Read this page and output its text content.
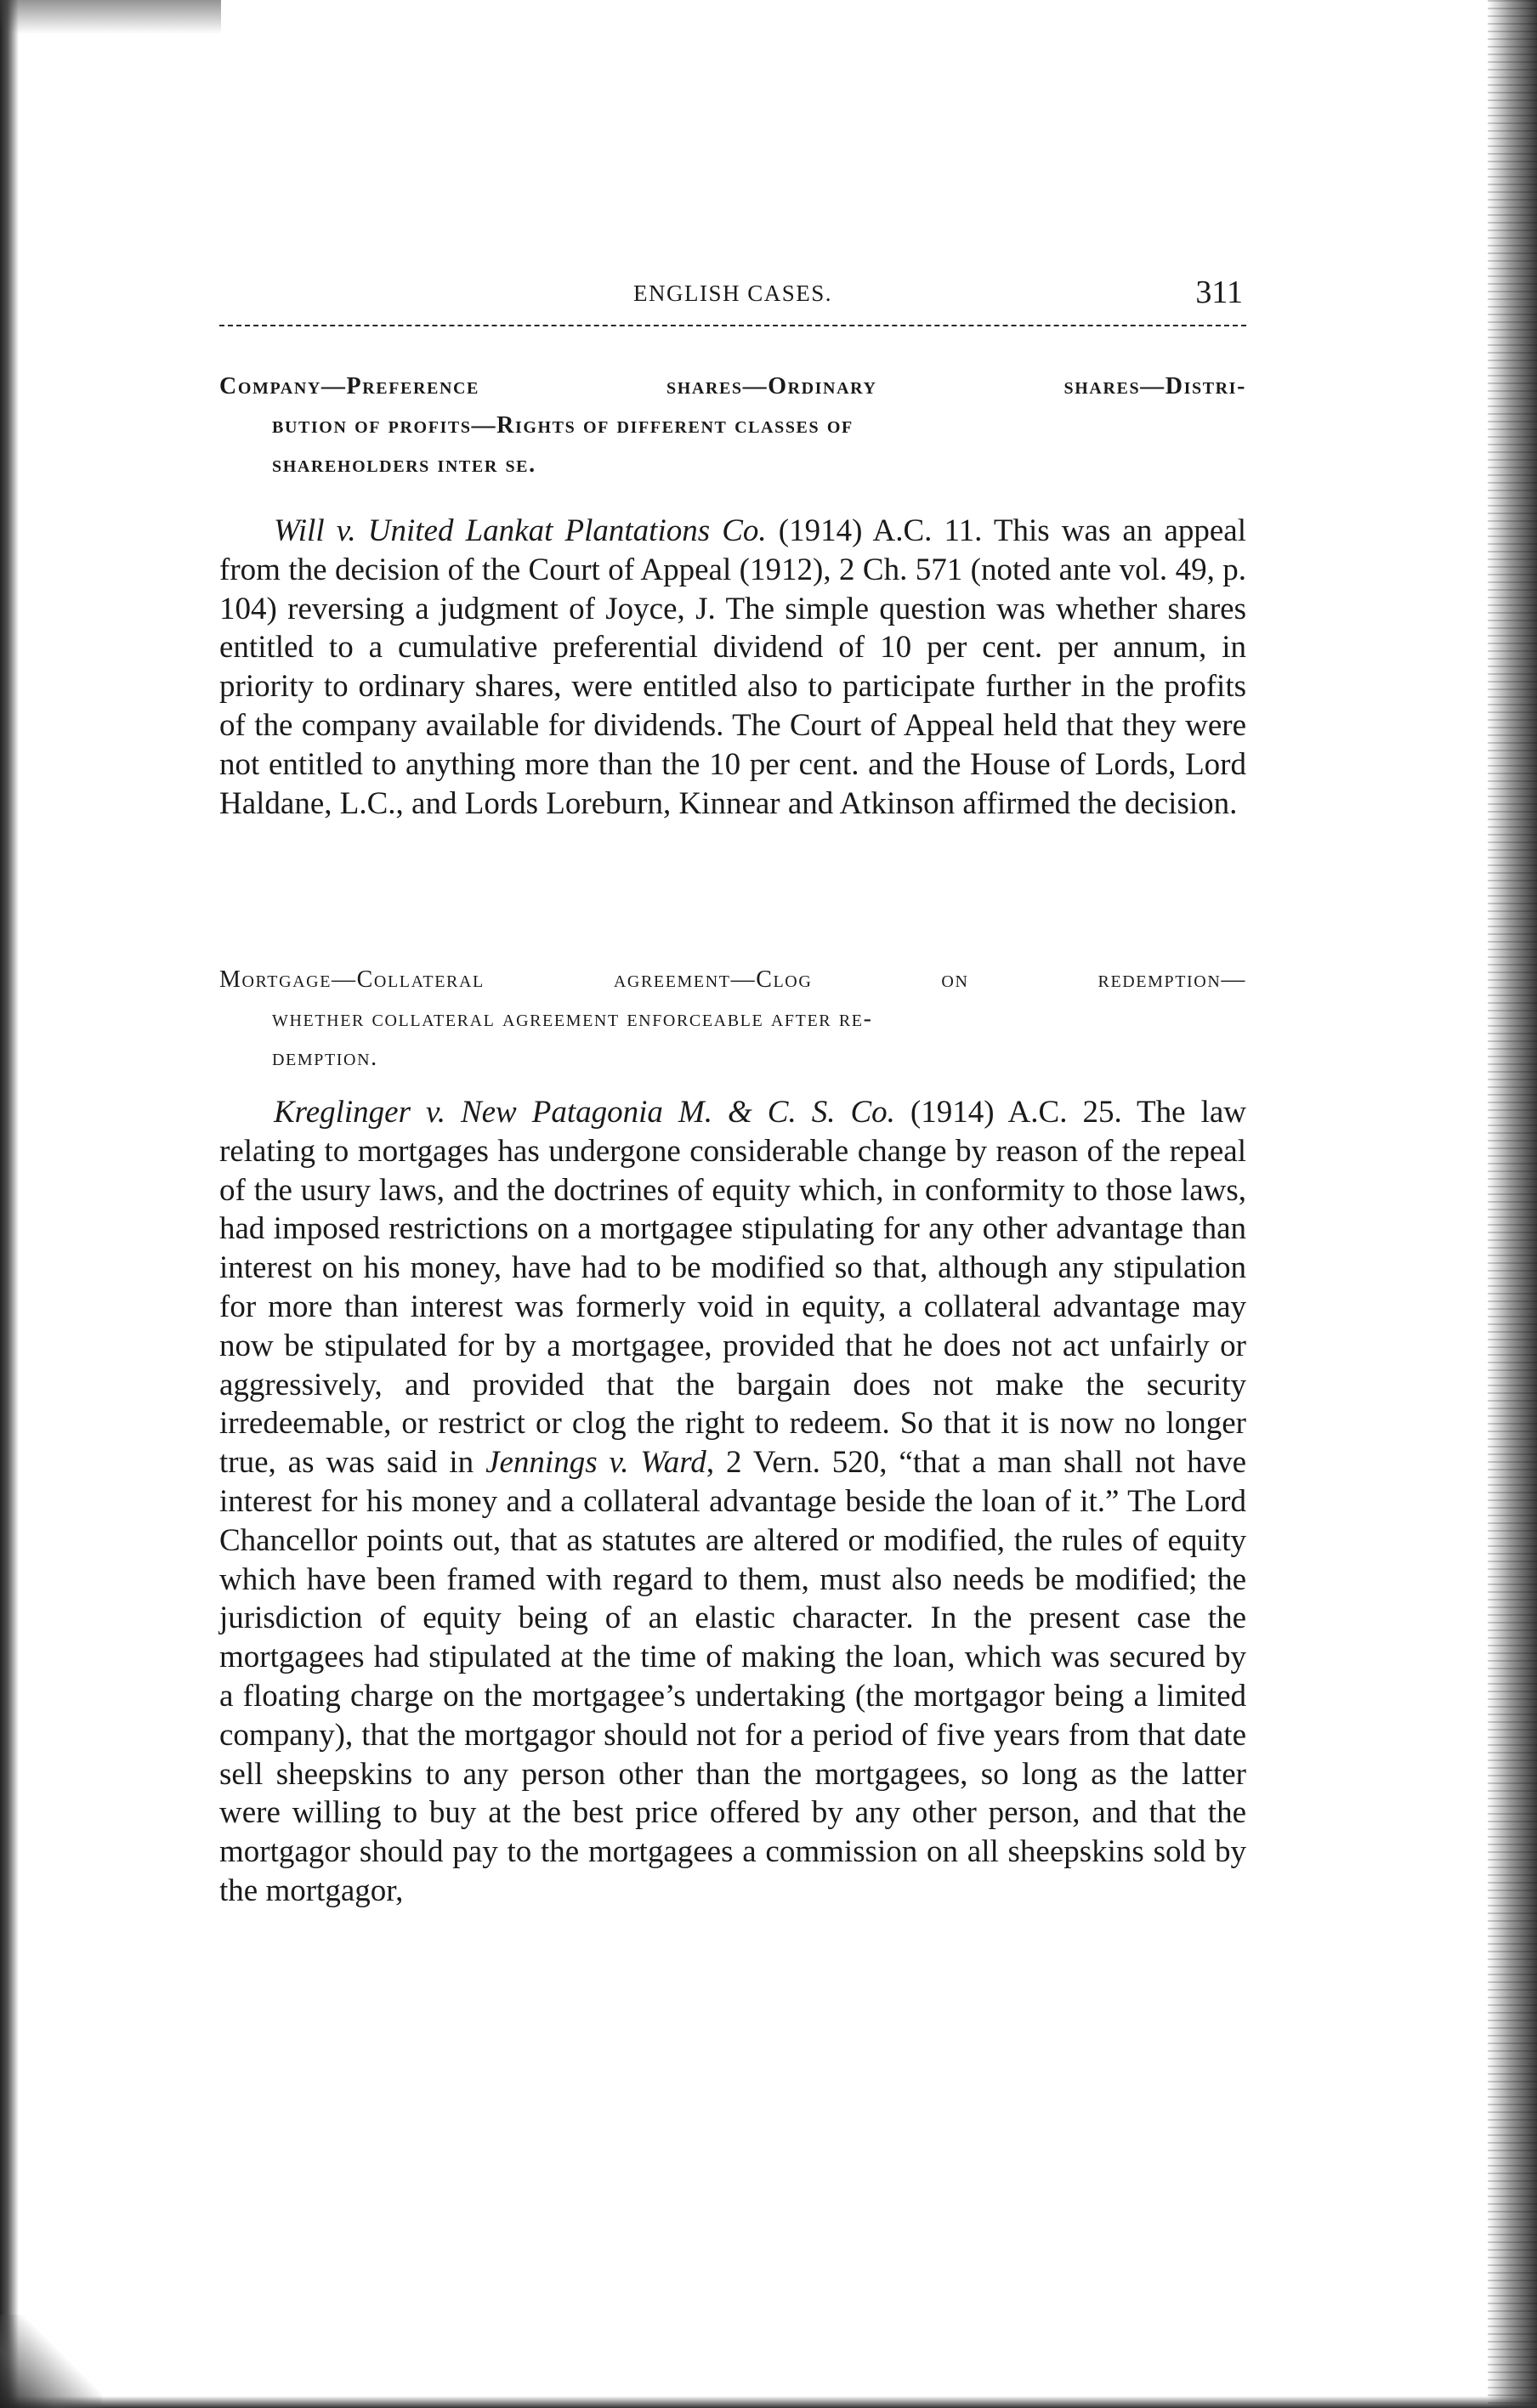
ENGLISH CASES.	311
Company—Preference shares—Ordinary shares—Distri-
bution of profits—Rights of different classes of
shareholders inter se.

Will v. United Lankat Plantations Co. (1914) A.C. 11. This was an appeal from the decision of the Court of Appeal (1912), 2 Ch. 571 (noted ante vol. 49, p. 104) reversing a judgment of Joyce, J. The simple question was whether shares entitled to a cumulative preferential dividend of 10 per cent. per annum, in priority to ordinary shares, were entitled also to participate further in the profits of the company available for dividends. The Court of Appeal held that they were not entitled to anything more than the 10 per cent. and the House of Lords, Lord Haldane, L.C., and Lords Loreburn, Kinnear and Atkinson affirmed the decision.

Mortgage—Collateral agreement—Clog on redemption—
whether collateral agreement enforceable after re-
demption.

Kreglinger v. New Patagonia M. & C. S. Co. (1914) A.C. 25. The law relating to mortgages has undergone considerable change by reason of the repeal of the usury laws, and the doctrines of equity which, in conformity to those laws, had imposed restrictions on a mortgagee stipulating for any other advantage than interest on his money, have had to be modified so that, although any stipulation for more than interest was formerly void in equity, a collateral advantage may now be stipulated for by a mortgagee, provided that he does not act unfairly or aggressively, and provided that the bargain does not make the security irredeemable, or restrict or clog the right to redeem. So that it is now no longer true, as was said in Jennings v. Ward, 2 Vern. 520, “that a man shall not have interest for his money and a collateral advantage beside the loan of it.” The Lord Chancellor points out, that as statutes are altered or modified, the rules of equity which have been framed with regard to them, must also needs be modified; the jurisdiction of equity being of an elastic character. In the present case the mortgagees had stipulated at the time of making the loan, which was secured by a floating charge on the mortgagee’s undertaking (the mortgagor being a limited company), that the mortgagor should not for a period of five years from that date sell sheepskins to any person other than the mortgagees, so long as the latter were willing to buy at the best price offered by any other person, and that the mortgagor should pay to the mortgagees a commission on all sheepskins sold by the mortgagor,
